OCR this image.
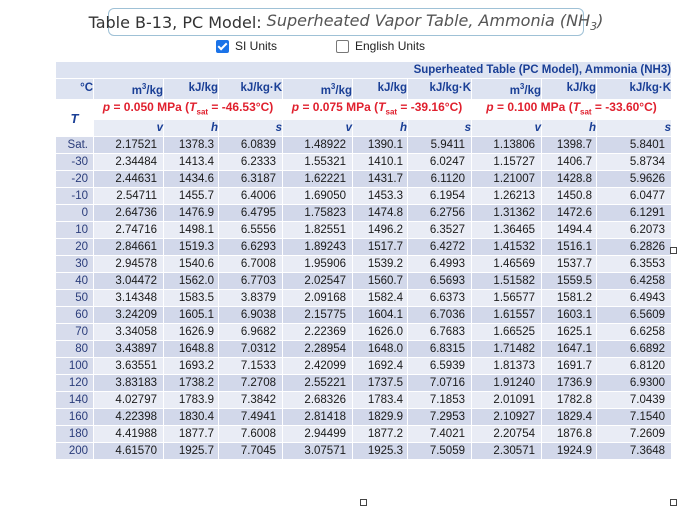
Table B-13, PC Model: Superheated Vapor Table, Ammonia $(NH_3)$
SI Units	English Units
Superheated Table (PC Model), Ammonia (NH3)									
°C	$m^3/kg$	kJ/kg	kJ/kg·K	$m^3/kg$	kJ/kg	kJ/kg·K	$m^3/kg$	kJ/kg	kJ/kg·K
T	p = 0.050 MPa $(T_{sat} = -46.53^\circ C)$			p = 0.075 MPa $(T_{sat} = -39.16^\circ C)$			p = 0.100 MPa $(T_{sat} = -33.60^\circ C)$		
	v	h	s	v	h	s	v	h	s
Sat.	2.17521	1378.3	6.0839	1.48922	1390.1	5.9411	1.13806	1398.7	5.8401
-30	2.34484	1413.4	6.2333	1.55321	1410.1	6.0247	1.15727	1406.7	5.8734
-20	2.44631	1434.6	6.3187	1.62221	1431.7	6.1120	1.21007	1428.8	5.9626
-10	2.54711	1455.7	6.4006	1.69050	1453.3	6.1954	1.26213	1450.8	6.0477
0	2.64736	1476.9	6.4795	1.75823	1474.8	6.2756	1.31362	1472.6	6.1291
10	2.74716	1498.1	6.5556	1.82551	1496.2	6.3527	1.36465	1494.4	6.2073
20	2.84661	1519.3	6.6293	1.89243	1517.7	6.4272	1.41532	1516.1	6.2826
30	2.94578	1540.6	6.7008	1.95906	1539.2	6.4993	1.46569	1537.7	6.3553
40	3.04472	1562.0	6.7703	2.02547	1560.7	6.5693	1.51582	1559.5	6.4258
50	3.14348	1583.5	3.8379	2.09168	1582.4	6.6373	1.56577	1581.2	6.4943
60	3.24209	1605.1	6.9038	2.15775	1604.1	6.7036	1.61557	1603.1	6.5609
70	3.34058	1626.9	6.9682	2.22369	1626.0	6.7683	1.66525	1625.1	6.6258
80	3.43897	1648.8	7.0312	2.28954	1648.0	6.8315	1.71482	1647.1	6.6892
100	3.63551	1693.2	7.1533	2.42099	1692.4	6.5939	1.81373	1691.7	6.8120
120	3.83183	1738.2	7.2708	2.55221	1737.5	7.0716	1.91240	1736.9	6.9300
140	4.02797	1783.9	7.3842	2.68326	1783.4	7.1853	2.01091	1782.8	7.0439
160	4.22398	1830.4	7.4941	2.81418	1829.9	7.2953	2.10927	1829.4	7.1540
180	4.41988	1877.7	7.6008	2.94499	1877.2	7.4021	2.20754	1876.8	7.2609
200	4.61570	1925.7	7.7045	3.07571	1925.3	7.5059	2.30571	1924.9	7.3648
